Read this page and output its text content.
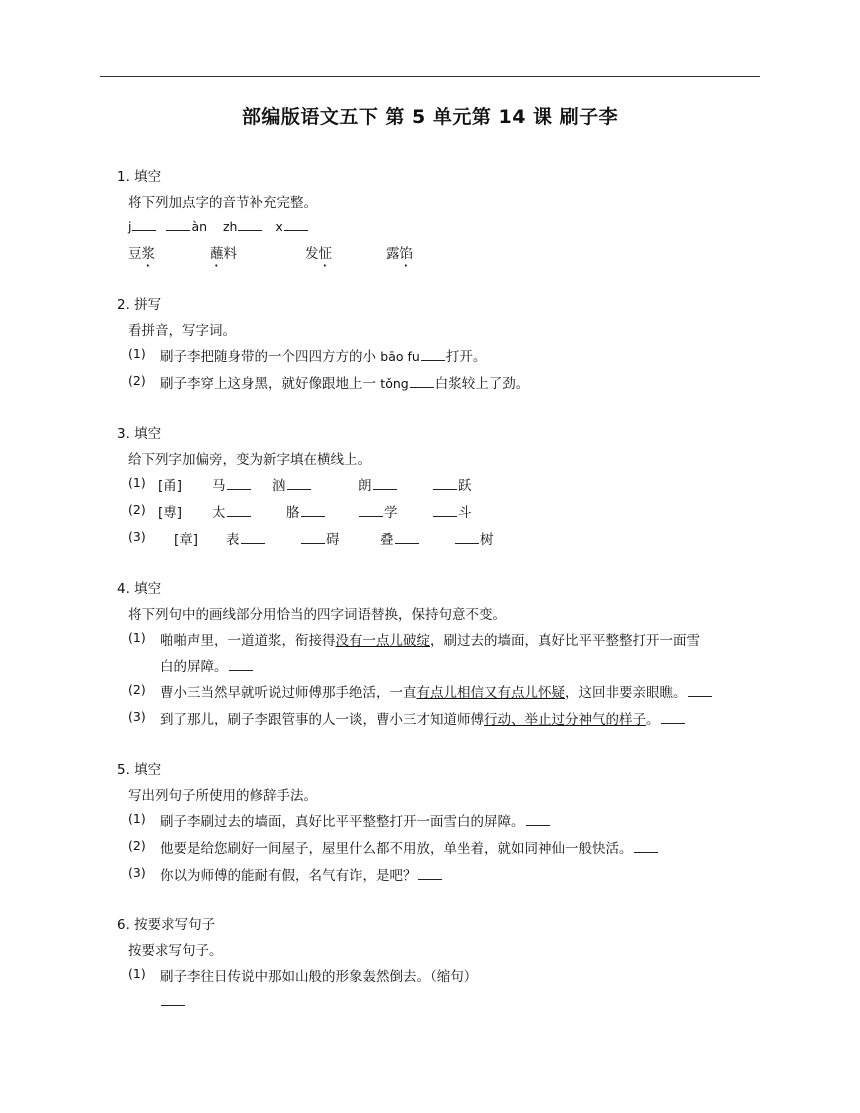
部编版语文五下 第 5 单元第 14 课 刷子李
1. 填空
将下列加点字的音节补充完整。
j	àn zh	x
豆浆	蘸料	发怔	露馅
2. 拼写
看拼音，写字词。
(1) 刷子李把随身带的一个四四方方的小 bāo fu 打开。
(2) 刷子李穿上这身黑，就好像跟地上一 tǒng 白浆较上了劲。
3. 填空
给下列字加偏旁，变为新字填在横线上。
(1) [甬] 马	汹	朗	跃
(2) [尃] 太	胳	学	斗
(3) [章] 表	碍	叠	树
4. 填空
将下列句中的画线部分用恰当的四字词语替换，保持句意不变。
(1) 啪啪声里，一道道浆，衔接得没有一点儿破绽，刷过去的墙面，真好比平平整整打开一面雪
白的屏障。
(2) 曹小三当然早就听说过师傅那手绝活，一直有点儿相信又有点儿怀疑，这回非要亲眼瞧。
(3) 到了那儿，刷子李跟管事的人一谈，曹小三才知道师傅行动、举止过分神气的样子。
5. 填空
写出列句子所使用的修辞手法。
(1) 刷子李刷过去的墙面，真好比平平整整打开一面雪白的屏障。
(2) 他要是给您刷好一间屋子，屋里什么都不用放，单坐着，就如同神仙一般快活。
(3) 你以为师傅的能耐有假，名气有诈，是吧？
6. 按要求写句子
按要求写句子。
(1) 刷子李往日传说中那如山般的形象轰然倒去。（缩句）
